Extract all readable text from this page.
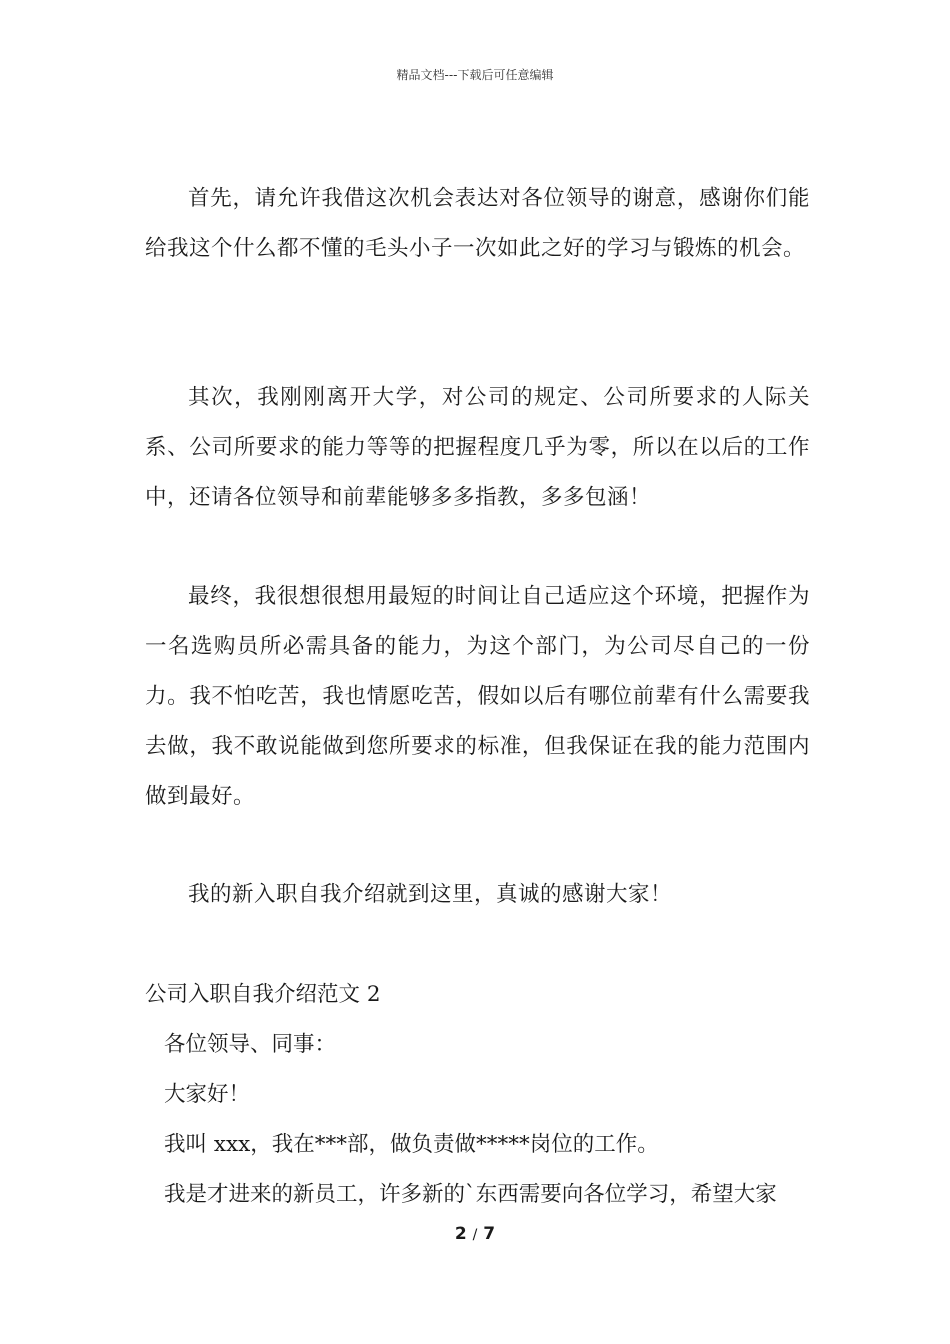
精品文档---下载后可任意编辑

首先，请允许我借这次机会表达对各位领导的谢意，感谢你们能给我这个什么都不懂的毛头小子一次如此之好的学习与锻炼的机会。

其次，我刚刚离开大学，对公司的规定、公司所要求的人际关系、公司所要求的能力等等的把握程度几乎为零，所以在以后的工作中，还请各位领导和前辈能够多多指教，多多包涵！

最终，我很想很想用最短的时间让自己适应这个环境，把握作为一名选购员所必需具备的能力，为这个部门，为公司尽自己的一份力。我不怕吃苦，我也情愿吃苦，假如以后有哪位前辈有什么需要我去做，我不敢说能做到您所要求的标准，但我保证在我的能力范围内做到最好。

我的新入职自我介绍就到这里，真诚的感谢大家！

公司入职自我介绍范文 2
各位领导、同事：
大家好！
我叫 xxx，我在***部，做负责做*****岗位的工作。
我是才进来的新员工，许多新的`东西需要向各位学习，希望大家
2 / 7
